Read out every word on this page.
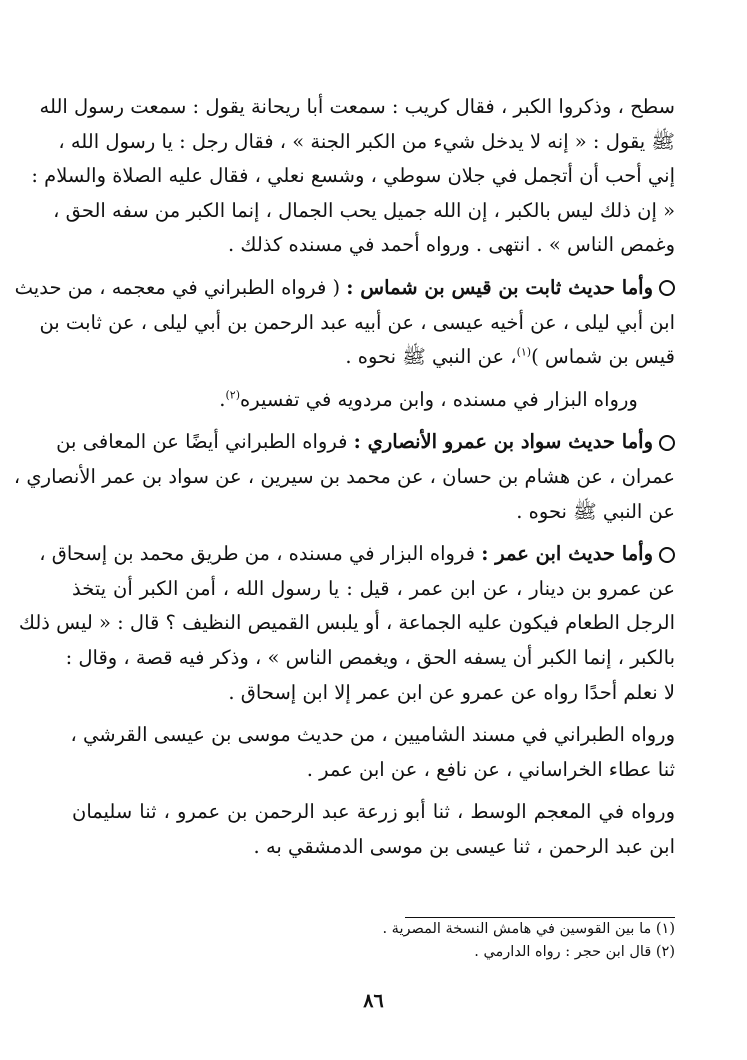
سطح ، وذكروا الكبر ، فقال كريب : سمعت أبا ريحانة يقول : سمعت رسول الله
ﷺ يقول : « إنه لا يدخل شيء من الكبر الجنة » ، فقال رجل : يا رسول الله ،
إني أحب أن أتجمل في جلان سوطي ، وشسع نعلي ، فقال عليه الصلاة والسلام :
« إن ذلك ليس بالكبر ، إن الله جميل يحب الجمال ، إنما الكبر من سفه الحق ،
وغمص الناس » . انتهى . ورواه أحمد في مسنده كذلك .
وأما حديث ثابت بن قيس بن شماس : ( فرواه الطبراني في معجمه ، من حديث
ابن أبي ليلى ، عن أخيه عيسى ، عن أبيه عبد الرحمن بن أبي ليلى ، عن ثابت بن
قيس بن شماس )$^{(١)}$، عن النبي ﷺ نحوه .
ورواه البزار في مسنده ، وابن مردويه في تفسيره$^{(٢)}$.
وأما حديث سواد بن عمرو الأنصاري : فرواه الطبراني أيضًا عن المعافى بن
عمران ، عن هشام بن حسان ، عن محمد بن سيرين ، عن سواد بن عمر الأنصاري ،
عن النبي ﷺ نحوه .
وأما حديث ابن عمر : فرواه البزار في مسنده ، من طريق محمد بن إسحاق ،
عن عمرو بن دينار ، عن ابن عمر ، قيل : يا رسول الله ، أمن الكبر أن يتخذ
الرجل الطعام فيكون عليه الجماعة ، أو يلبس القميص النظيف ؟ قال : « ليس ذلك
بالكبر ، إنما الكبر أن يسفه الحق ، ويغمص الناس » ، وذكر فيه قصة ، وقال :
لا نعلم أحدًا رواه عن عمرو عن ابن عمر إلا ابن إسحاق .
ورواه الطبراني في مسند الشاميين ، من حديث موسى بن عيسى القرشي ،
ثنا عطاء الخراساني ، عن نافع ، عن ابن عمر .
ورواه في المعجم الوسط ، ثنا أبو زرعة عبد الرحمن بن عمرو ، ثنا سليمان
ابن عبد الرحمن ، ثنا عيسى بن موسى الدمشقي به .
(١) ما بين القوسين في هامش النسخة المصرية .
(٢) قال ابن حجر : رواه الدارمي .
٨٦
